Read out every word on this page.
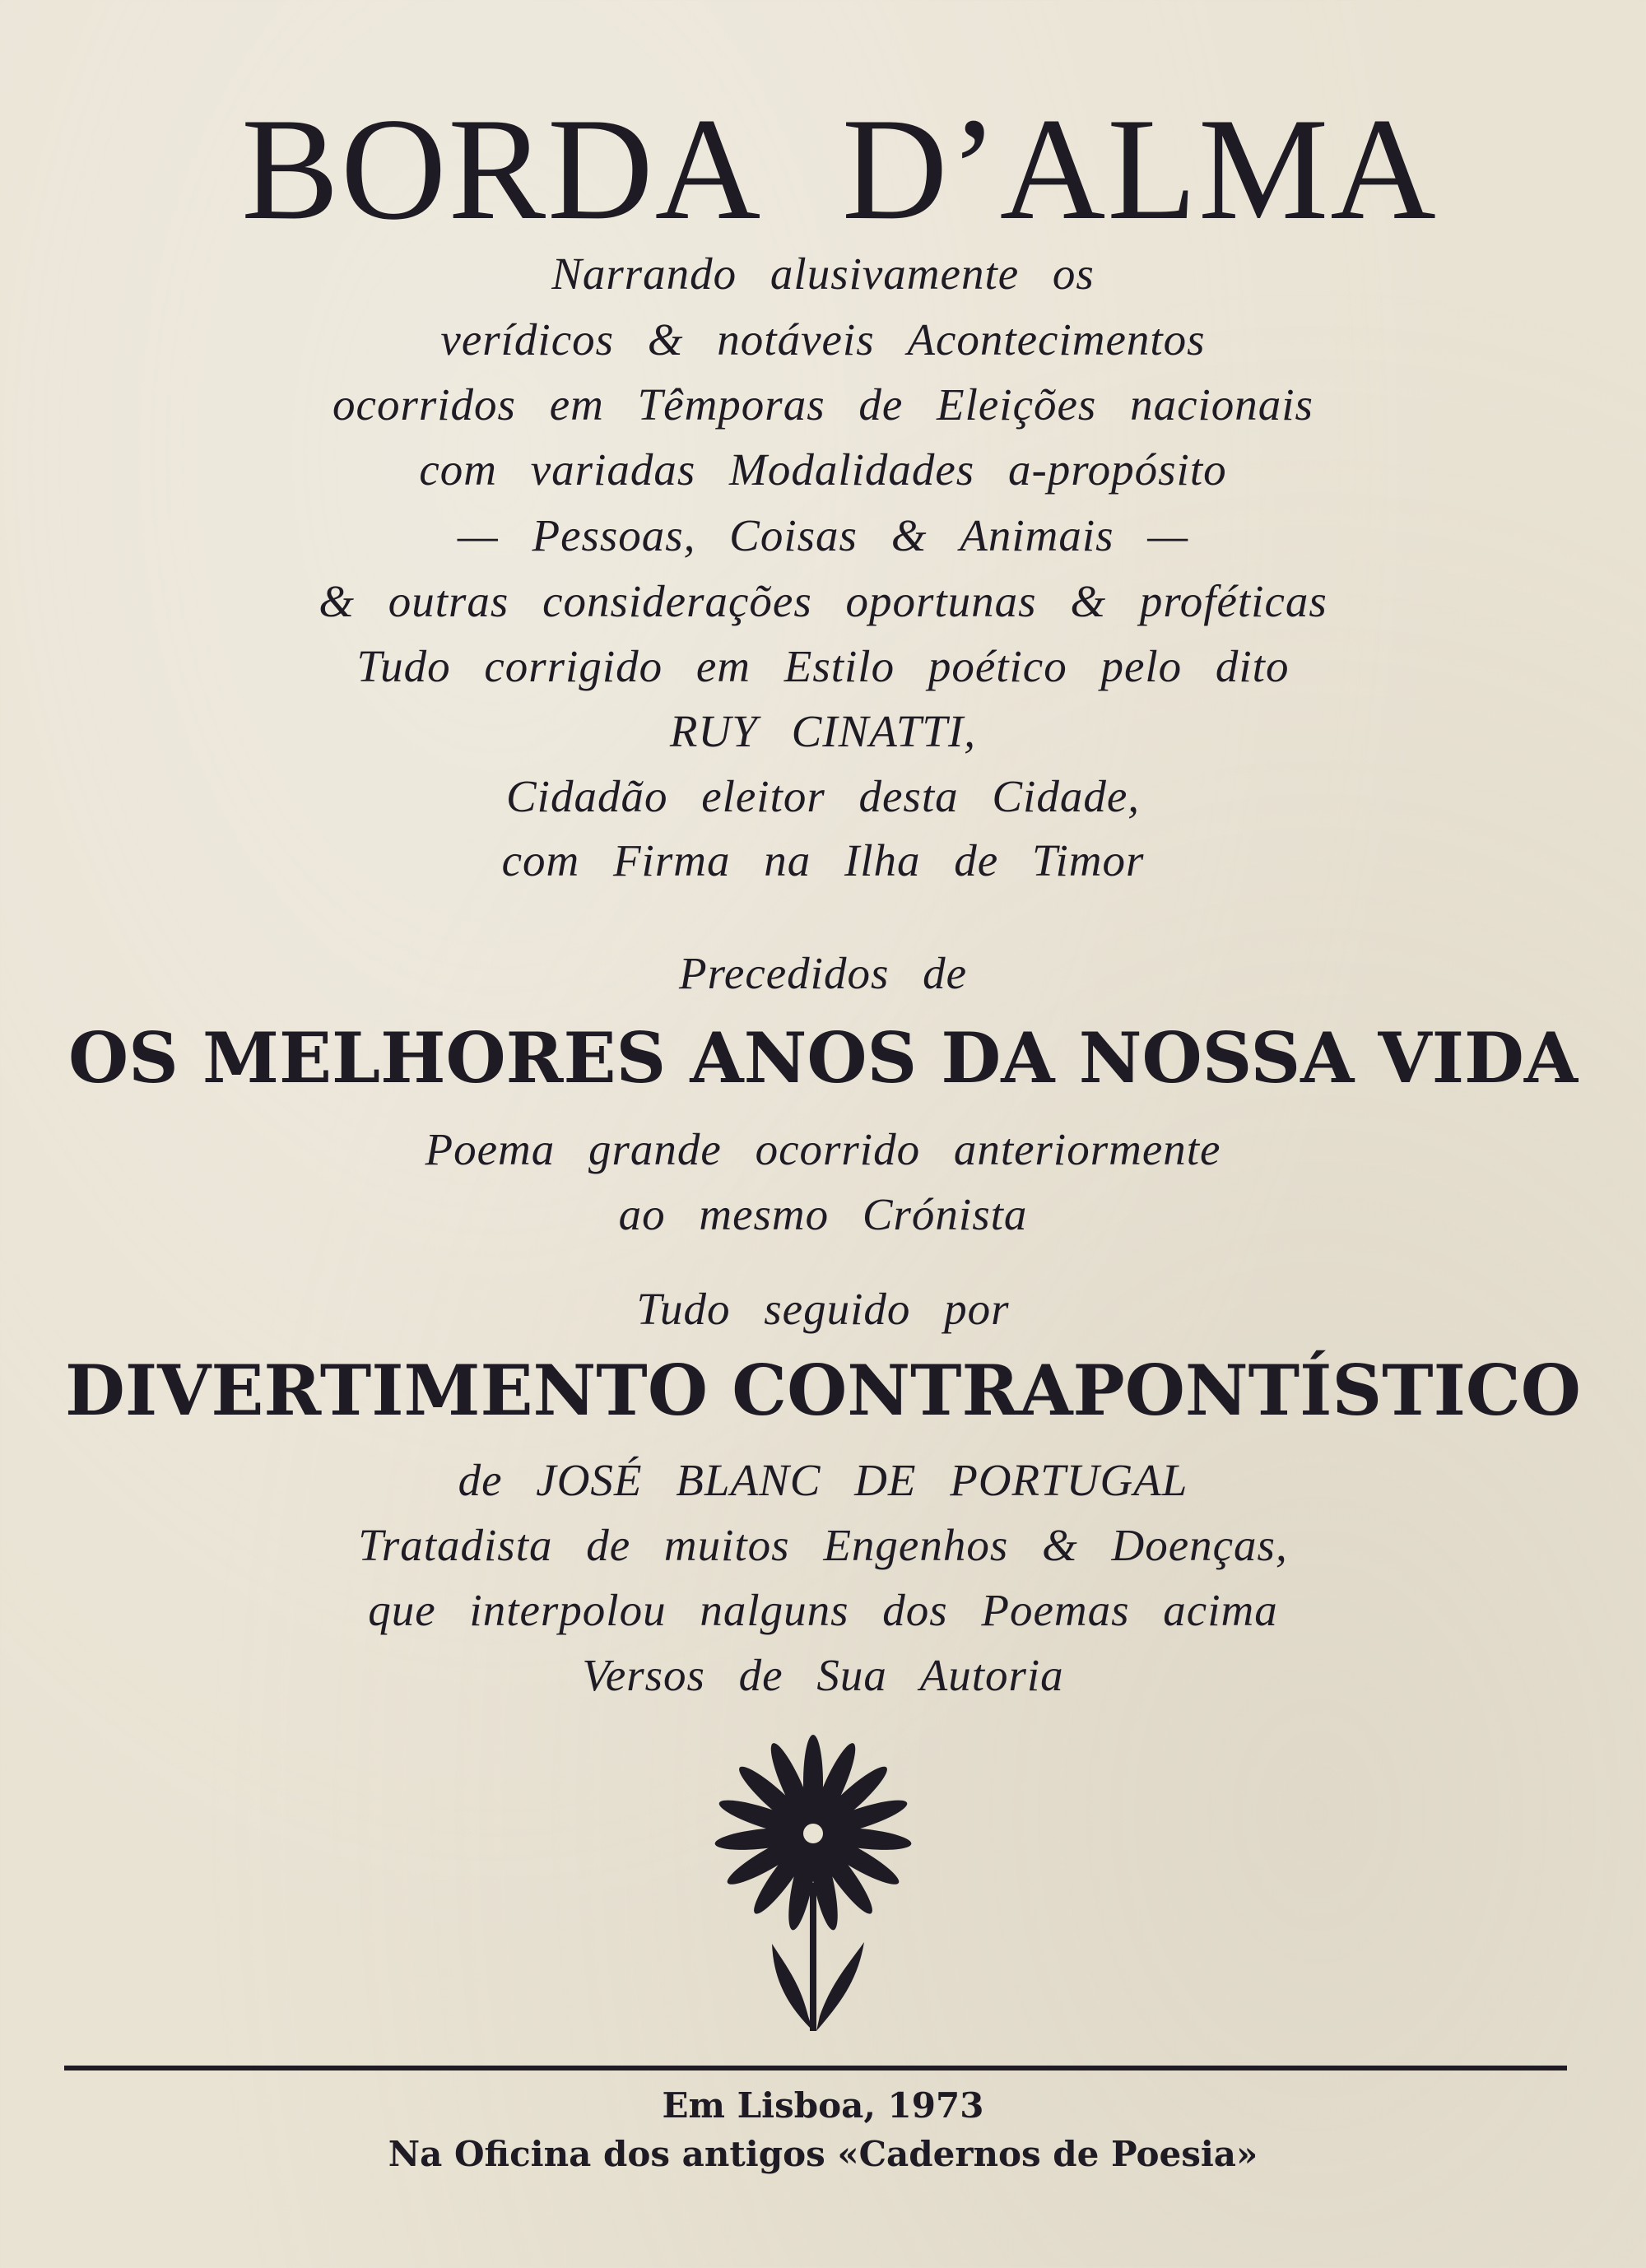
BORDA D’ALMA
Narrando alusivamente os
verídicos & notáveis Acontecimentos
ocorridos em Têmporas de Eleições nacionais
com variadas Modalidades a-propósito
— Pessoas, Coisas & Animais —
& outras considerações oportunas & proféticas
Tudo corrigido em Estilo poético pelo dito
RUY CINATTI,
Cidadão eleitor desta Cidade,
com Firma na Ilha de Timor
Precedidos de
OS MELHORES ANOS DA NOSSA VIDA
Poema grande ocorrido anteriormente
ao mesmo Crónista
Tudo seguido por
DIVERTIMENTO CONTRAPONTÍSTICO
de JOSÉ BLANC DE PORTUGAL
Tratadista de muitos Engenhos & Doenças,
que interpolou nalguns dos Poemas acima
Versos de Sua Autoria
Em Lisboa, 1973
Na Oficina dos antigos «Cadernos de Poesia»
